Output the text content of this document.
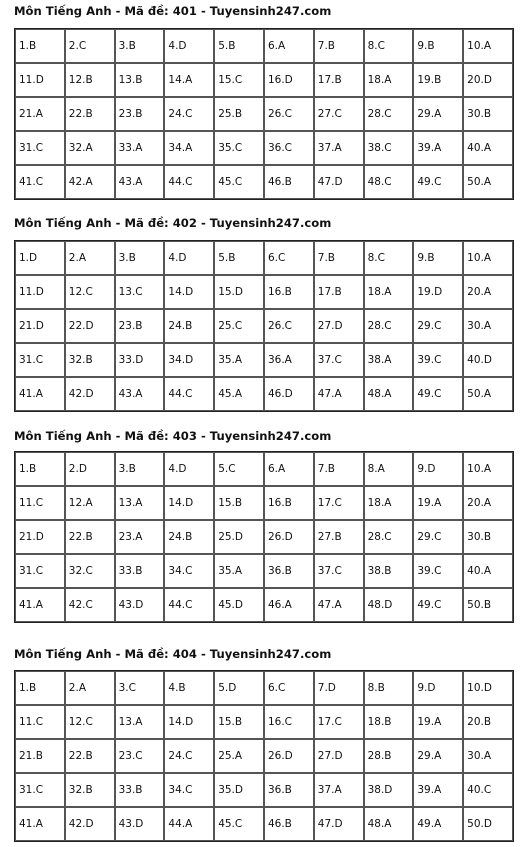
Môn Tiếng Anh - Mã đề: 401 - Tuyensinh247.com
1.B	2.C	3.B	4.D	5.B	6.A	7.B	8.C	9.B	10.A
11.D	12.B	13.B	14.A	15.C	16.D	17.B	18.A	19.B	20.D
21.A	22.B	23.B	24.C	25.B	26.C	27.C	28.C	29.A	30.B
31.C	32.A	33.A	34.A	35.C	36.C	37.A	38.C	39.A	40.A
41.C	42.A	43.A	44.C	45.C	46.B	47.D	48.C	49.C	50.A
Môn Tiếng Anh - Mã đề: 402 - Tuyensinh247.com
1.D	2.A	3.B	4.D	5.B	6.C	7.B	8.C	9.B	10.A
11.D	12.C	13.C	14.D	15.D	16.B	17.B	18.A	19.D	20.A
21.D	22.D	23.B	24.B	25.C	26.C	27.D	28.C	29.C	30.A
31.C	32.B	33.D	34.D	35.A	36.A	37.C	38.A	39.C	40.D
41.A	42.D	43.A	44.C	45.A	46.D	47.A	48.A	49.C	50.A
Môn Tiếng Anh - Mã đề: 403 - Tuyensinh247.com
1.B	2.D	3.B	4.D	5.C	6.A	7.B	8.A	9.D	10.A
11.C	12.A	13.A	14.D	15.B	16.B	17.C	18.A	19.A	20.A
21.D	22.B	23.A	24.B	25.D	26.D	27.B	28.C	29.C	30.B
31.C	32.C	33.B	34.C	35.A	36.B	37.C	38.B	39.C	40.A
41.A	42.C	43.D	44.C	45.D	46.A	47.A	48.D	49.C	50.B
Môn Tiếng Anh - Mã đề: 404 - Tuyensinh247.com
1.B	2.A	3.C	4.B	5.D	6.C	7.D	8.B	9.D	10.D
11.C	12.C	13.A	14.D	15.B	16.C	17.C	18.B	19.A	20.B
21.B	22.B	23.C	24.C	25.A	26.D	27.D	28.B	29.A	30.A
31.C	32.B	33.B	34.C	35.D	36.B	37.A	38.D	39.A	40.C
41.A	42.D	43.D	44.A	45.C	46.B	47.D	48.A	49.A	50.D
